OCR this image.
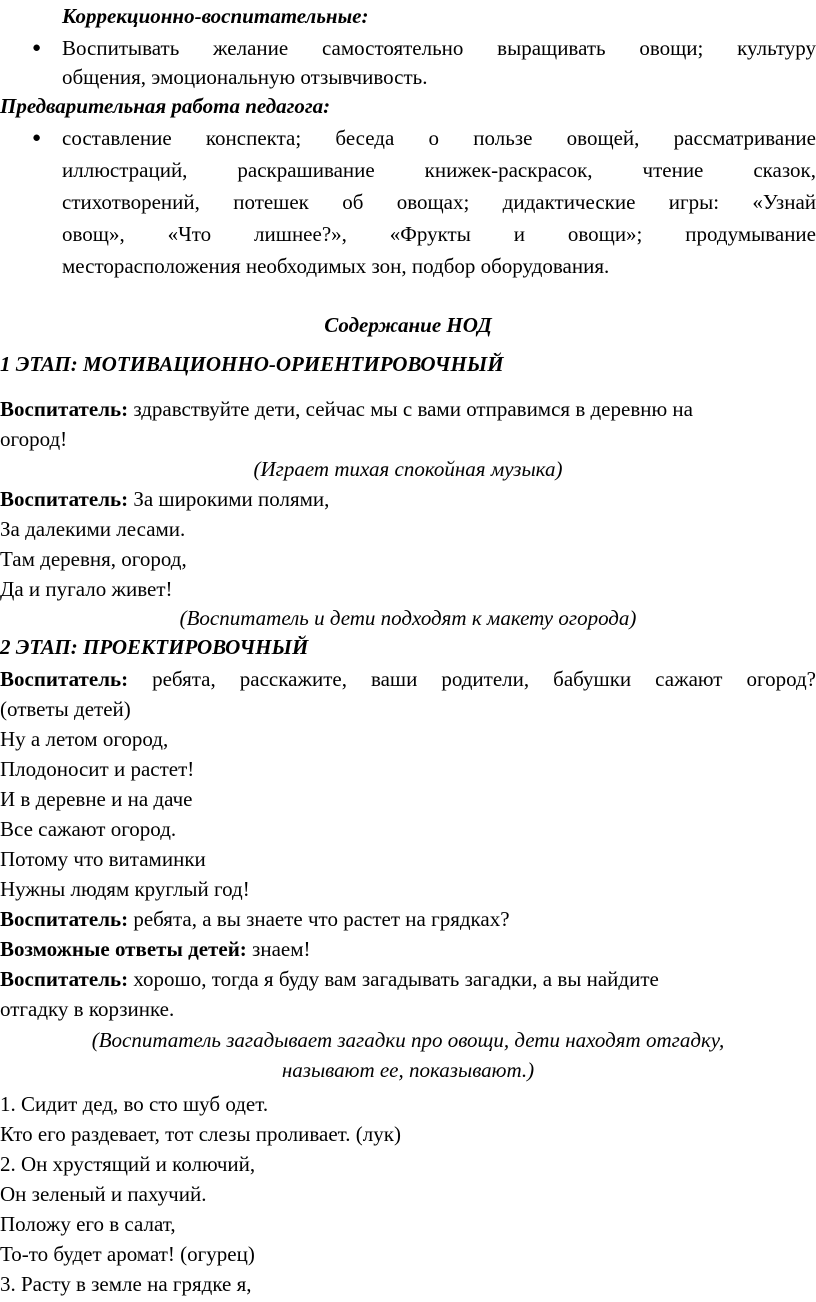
Коррекционно-воспитательные:

● Воспитывать желание самостоятельно выращивать овощи; культуру

общения, эмоциональную отзывчивость.

Предварительная работа педагога:

● составление конспекта; беседа о пользе овощей, рассматривание

иллюстраций, раскрашивание книжек-раскрасок, чтение сказок,

стихотворений, потешек об овощах; дидактические игры: «Узнай

овощ», «Что лишнее?», «Фрукты и овощи»; продумывание

месторасположения необходимых зон, подбор оборудования.

Содержание НОД

1 ЭТАП: МОТИВАЦИОННО-ОРИЕНТИРОВОЧНЫЙ

Воспитатель: здравствуйте дети, сейчас мы с вами отправимся в деревню на

огород!

(Играет тихая спокойная музыка)

Воспитатель: За широкими полями,

За далекими лесами.

Там деревня, огород,

Да и пугало живет!

(Воспитатель и дети подходят к макету огорода)

2 ЭТАП: ПРОЕКТИРОВОЧНЫЙ

Воспитатель: ребята, расскажите, ваши родители, бабушки сажают огород?

(ответы детей)

Ну а летом огород,

Плодоносит и растет!

И в деревне и на даче

Все сажают огород.

Потому что витаминки

Нужны людям круглый год!

Воспитатель: ребята, а вы знаете что растет на грядках?

Возможные ответы детей: знаем!

Воспитатель: хорошо, тогда я буду вам загадывать загадки, а вы найдите

отгадку в корзинке.

(Воспитатель загадывает загадки про овощи, дети находят отгадку,

называют ее, показывают.)

1. Сидит дед, во сто шуб одет.

Кто его раздевает, тот слезы проливает. (лук)

2. Он хрустящий и колючий,

Он зеленый и пахучий.

Положу его в салат,

То-то будет аромат! (огурец)

3. Расту в земле на грядке я,
